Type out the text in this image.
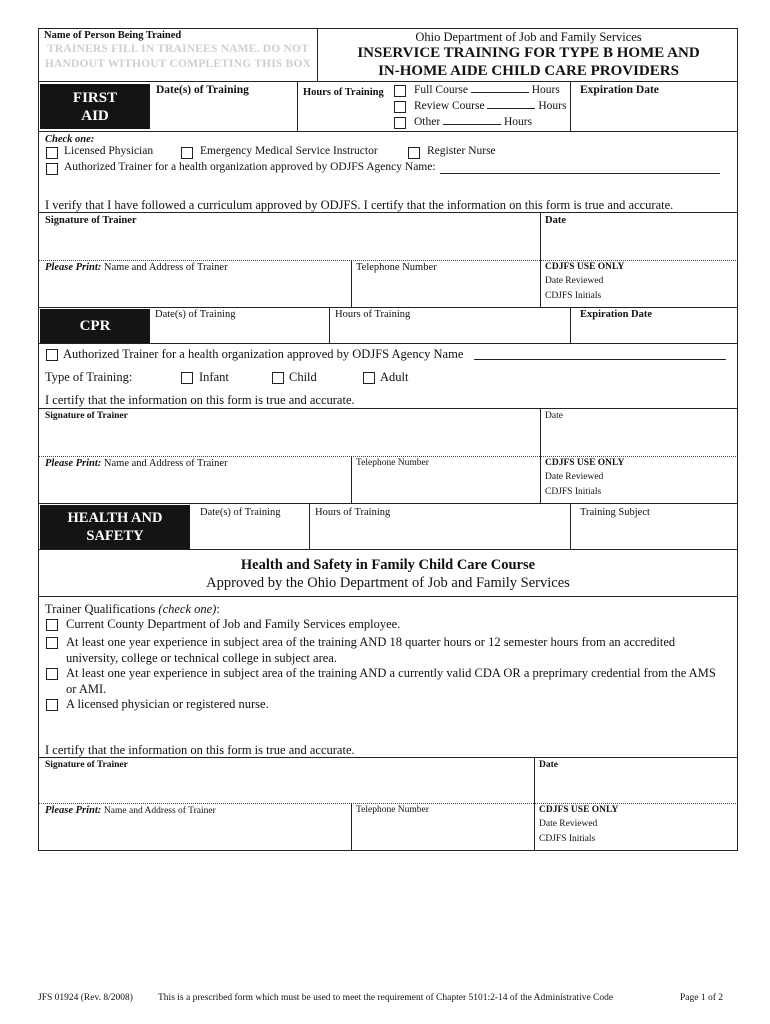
Name of Person Being Trained
TRAINERS FILL IN TRAINEES NAME. DO NOT HANDOUT WITHOUT COMPLETING THIS BOX
Ohio Department of Job and Family Services
INSERVICE TRAINING FOR TYPE B HOME AND
IN-HOME AIDE CHILD CARE PROVIDERS
FIRST AID
Date(s) of Training	Hours of Training	Full Course	Hours
Review Course	Hours
Other	Hours
Expiration Date
Check one:
Licensed Physician	Emergency Medical Service Instructor	Register Nurse
Authorized Trainer for a health organization approved by ODJFS Agency Name:
I verify that I have followed a curriculum approved by ODJFS. I certify that the information on this form is true and accurate.
Signature of Trainer	Date
Please Print: Name and Address of Trainer	Telephone Number	CDJFS USE ONLY
Date Reviewed
CDJFS Initials
CPR
Date(s) of Training	Hours of Training	Expiration Date
Authorized Trainer for a health organization approved by ODJFS Agency Name
Type of Training:	Infant	Child	Adult
I certify that the information on this form is true and accurate.
Signature of Trainer	Date
Please Print: Name and Address of Trainer	Telephone Number	CDJFS USE ONLY
Date Reviewed
CDJFS Initials
HEALTH AND SAFETY
Date(s) of Training	Hours of Training	Training Subject
Health and Safety in Family Child Care Course
Approved by the Ohio Department of Job and Family Services
Trainer Qualifications (check one):
Current County Department of Job and Family Services employee.
At least one year experience in subject area of the training AND 18 quarter hours or 12 semester hours from an accredited
university, college or technical college in subject area.
At least one year experience in subject area of the training AND a currently valid CDA OR a preprimary credential from the AMS
or AMI.
A licensed physician or registered nurse.
I certify that the information on this form is true and accurate.
Signature of Trainer	Date
Please Print: Name and Address of Trainer	Telephone Number	CDJFS USE ONLY
Date Reviewed
CDJFS Initials
JFS 01924 (Rev. 8/2008)	This is a prescribed form which must be used to meet the requirement of Chapter 5101:2-14 of the Administrative Code	Page 1 of 2
